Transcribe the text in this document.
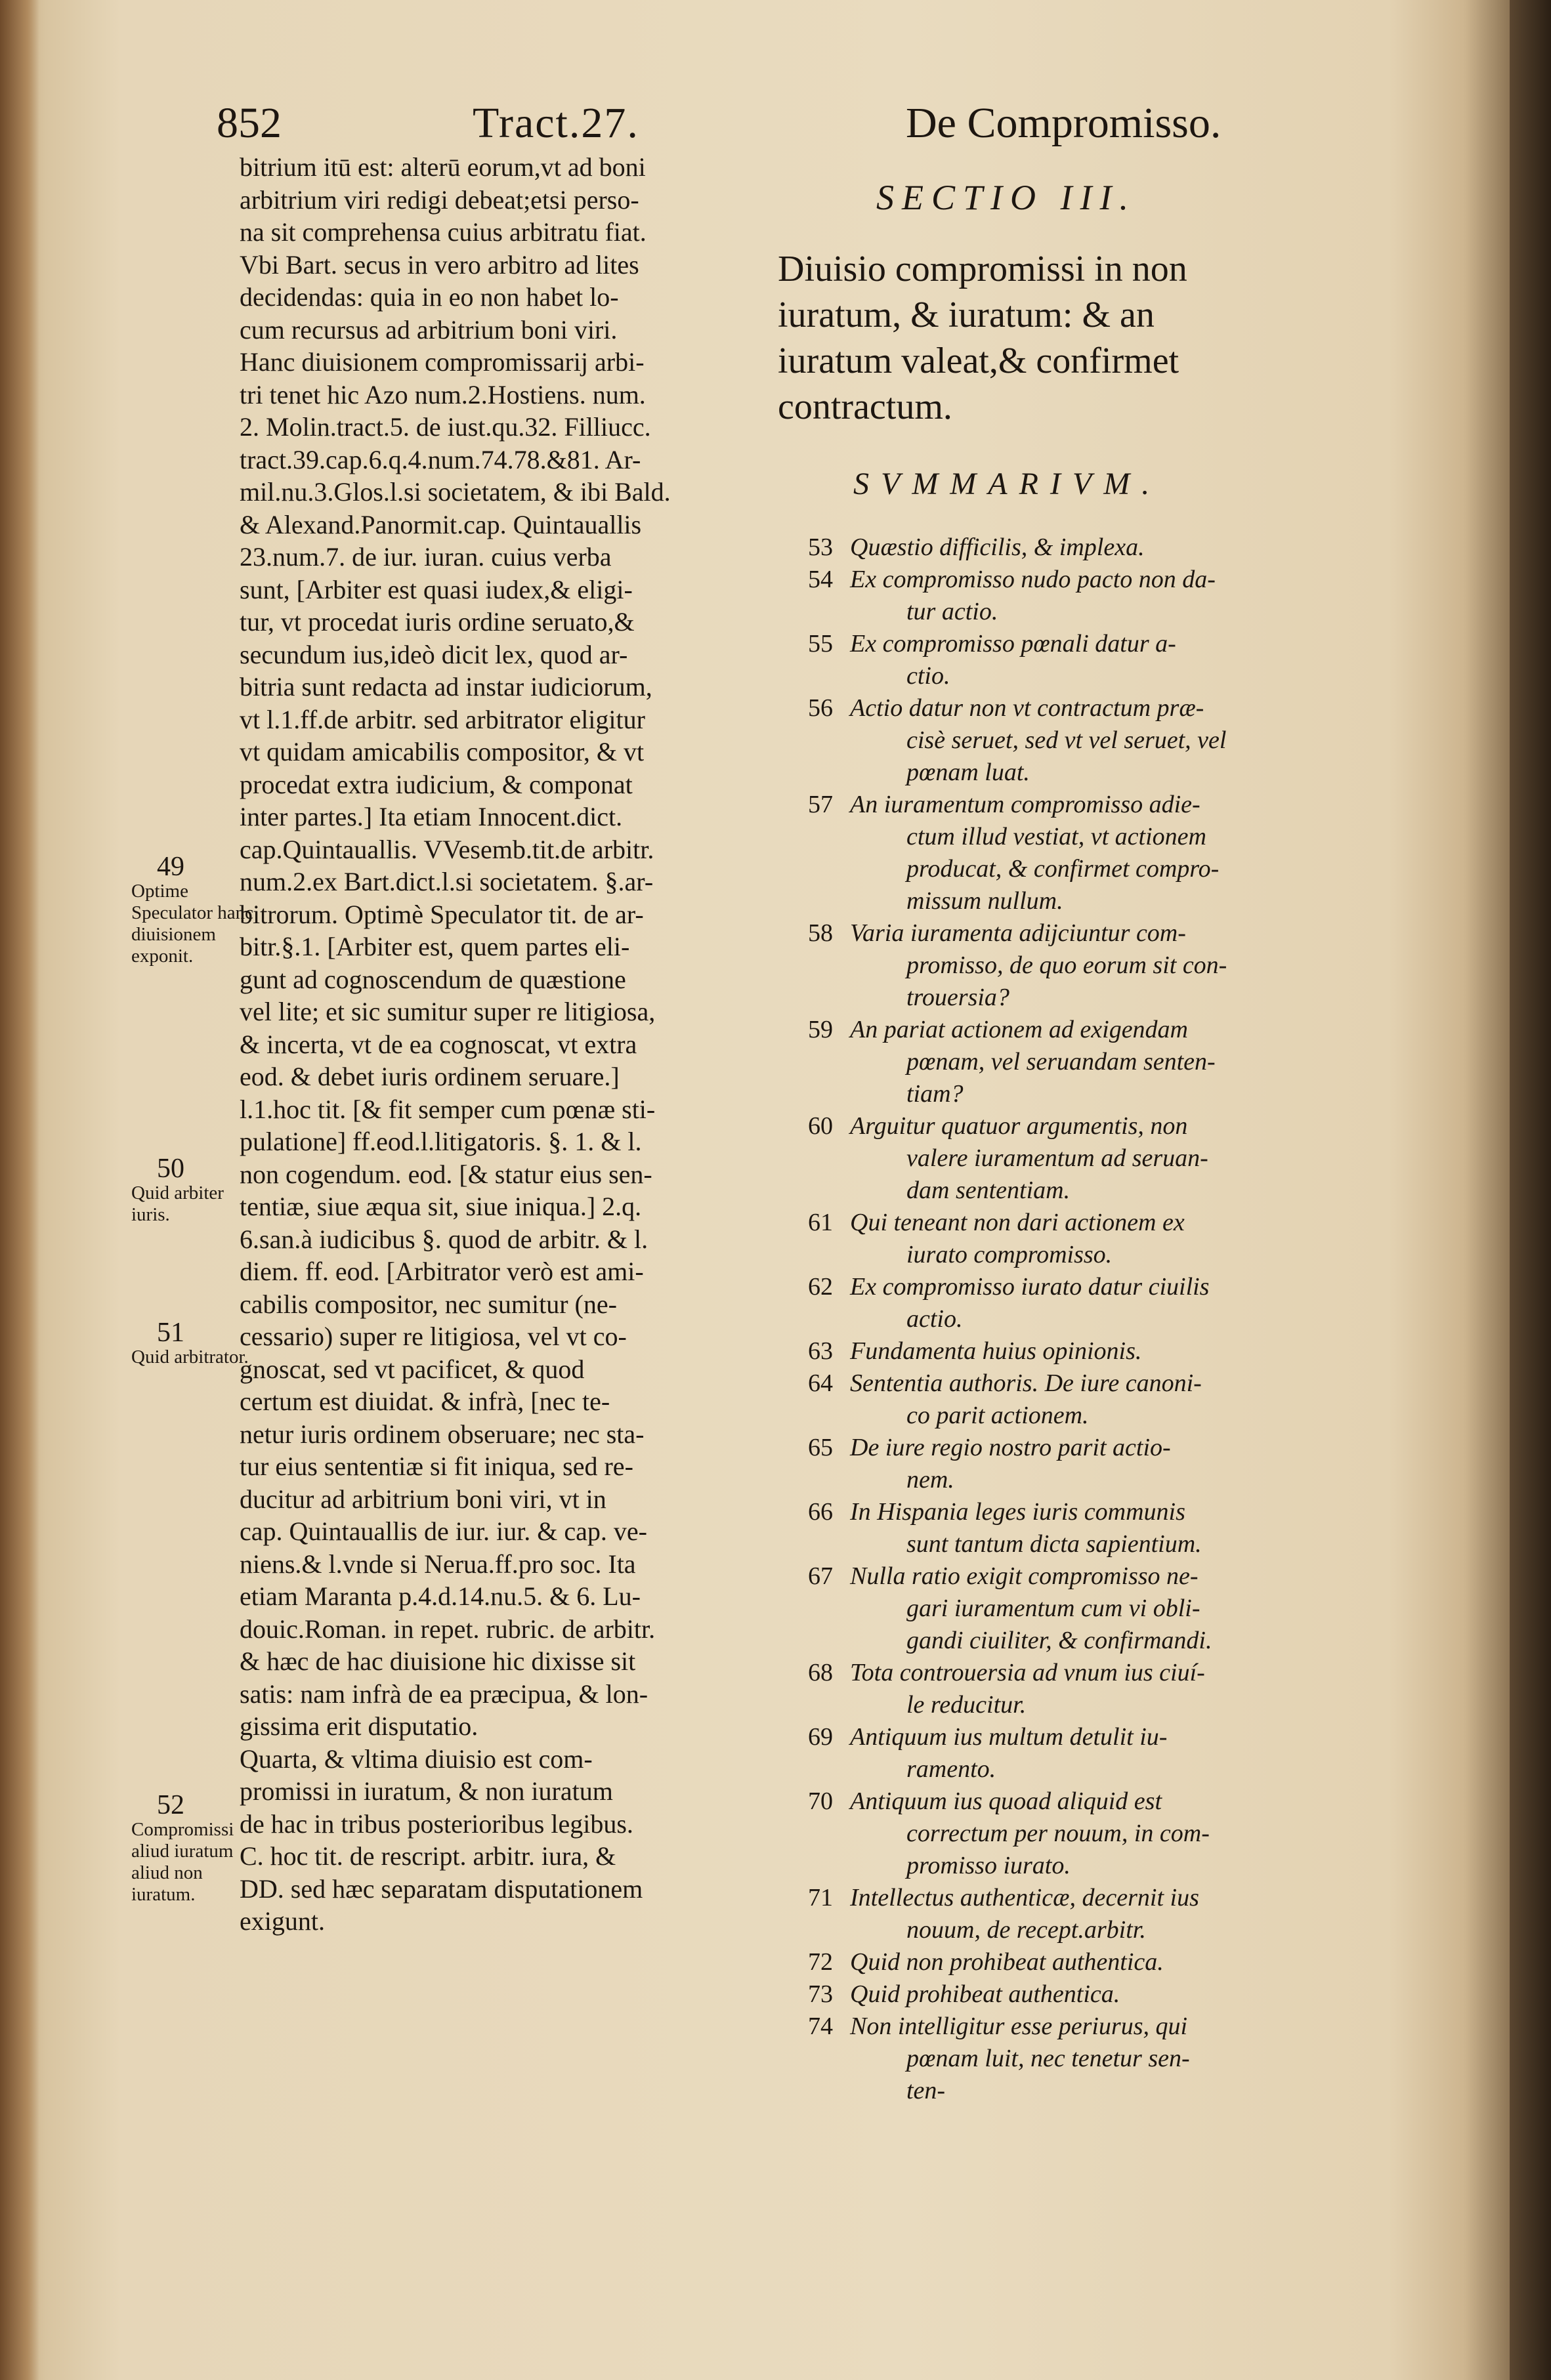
852	Tract.27.	De Compromisso.
bitrium itū est: alterū eorum,vt ad boni
arbitrium viri redigi debeat;etsi perso-
na sit comprehensa cuius arbitratu fiat.
Vbi Bart. secus in vero arbitro ad lites
decidendas: quia in eo non habet lo-
cum recursus ad arbitrium boni viri.
Hanc diuisionem compromissarij arbi-
tri tenet hic Azo num.2.Hostiens. num.
2. Molin.tract.5. de iust.qu.32. Filliucc.
tract.39.cap.6.q.4.num.74.78.&81. Ar-
mil.nu.3.Glos.l.si societatem, & ibi Bald.
& Alexand.Panormit.cap. Quintauallis
23.num.7. de iur. iuran. cuius verba
sunt, [Arbiter est quasi iudex,& eligi-
tur, vt procedat iuris ordine seruato,&
secundum ius,ideò dicit lex, quod ar-
bitria sunt redacta ad instar iudiciorum,
vt l.1.ff.de arbitr. sed arbitrator eligitur
vt quidam amicabilis compositor, & vt
procedat extra iudicium, & componat
inter partes.] Ita etiam Innocent.dict.
cap.Quintauallis. VVesemb.tit.de arbitr.
num.2.ex Bart.dict.l.si societatem. §.ar-
bitrorum. Optimè Speculator tit. de ar-
bitr.§.1. [Arbiter est, quem partes eli-
gunt ad cognoscendum de quæstione
vel lite; et sic sumitur super re litigiosa,
& incerta, vt de ea cognoscat, vt extra
eod. & debet iuris ordinem seruare.]
l.1.hoc tit. [& fit semper cum pœnæ sti-
pulatione] ff.eod.l.litigatoris. §. 1. & l.
non cogendum. eod. [& statur eius sen-
tentiæ, siue æqua sit, siue iniqua.] 2.q.
6.san.à iudicibus §. quod de arbitr. & l.
diem. ff. eod. [Arbitrator verò est ami-
cabilis compositor, nec sumitur (ne-
cessario) super re litigiosa, vel vt co-
gnoscat, sed vt pacificet, & quod
certum est diuidat. & infrà, [nec te-
netur iuris ordinem obseruare; nec sta-
tur eius sententiæ si fit iniqua, sed re-
ducitur ad arbitrium boni viri, vt in
cap. Quintauallis de iur. iur. & cap. ve-
niens.& l.vnde si Nerua.ff.pro soc. Ita
etiam Maranta p.4.d.14.nu.5. & 6. Lu-
douic.Roman. in repet. rubric. de arbitr.
& hæc de hac diuisione hic dixisse sit
satis: nam infrà de ea præcipua, & lon-
gissima erit disputatio.
Quarta, & vltima diuisio est com-
promissi in iuratum, & non iuratum
de hac in tribus posterioribus legibus.
C. hoc tit. de rescript. arbitr. iura, &
DD. sed hæc separatam disputationem
exigunt.
49
Optime Speculator hanc diuisionem exponit.
50
Quid arbiter iuris.
51
Quid arbitrator.
52
Compromissi aliud iuratum aliud non iuratum.
SECTIO III.
Diuisio compromissi in non
iuratum, & iuratum: & an
iuratum valeat,& confirmet
contractum.
SVMMARIVM.
53 Quæstio difficilis, & implexa.
54 Ex compromisso nudo pacto non da-
tur actio.
55 Ex compromisso pœnali datur a-
ctio.
56 Actio datur non vt contractum præ-
cisè seruet, sed vt vel seruet, vel
pœnam luat.
57 An iuramentum compromisso adie-
ctum illud vestiat, vt actionem
producat, & confirmet compro-
missum nullum.
58 Varia iuramenta adijciuntur com-
promisso, de quo eorum sit con-
trouersia?
59 An pariat actionem ad exigendam
pœnam, vel seruandam senten-
tiam?
60 Arguitur quatuor argumentis, non
valere iuramentum ad seruan-
dam sententiam.
61 Qui teneant non dari actionem ex
iurato compromisso.
62 Ex compromisso iurato datur ciuilis
actio.
63 Fundamenta huius opinionis.
64 Sententia authoris. De iure canoni-
co parit actionem.
65 De iure regio nostro parit actio-
nem.
66 In Hispania leges iuris communis
sunt tantum dicta sapientium.
67 Nulla ratio exigit compromisso ne-
gari iuramentum cum vi obli-
gandi ciuiliter, & confirmandi.
68 Tota controuersia ad vnum ius ciuí-
le reducitur.
69 Antiquum ius multum detulit iu-
ramento.
70 Antiquum ius quoad aliquid est
correctum per nouum, in com-
promisso iurato.
71 Intellectus authenticæ, decernit ius
nouum, de recept.arbitr.
72 Quid non prohibeat authentica.
73 Quid prohibeat authentica.
74 Non intelligitur esse periurus, qui
pœnam luit, nec tenetur sen-
ten-
